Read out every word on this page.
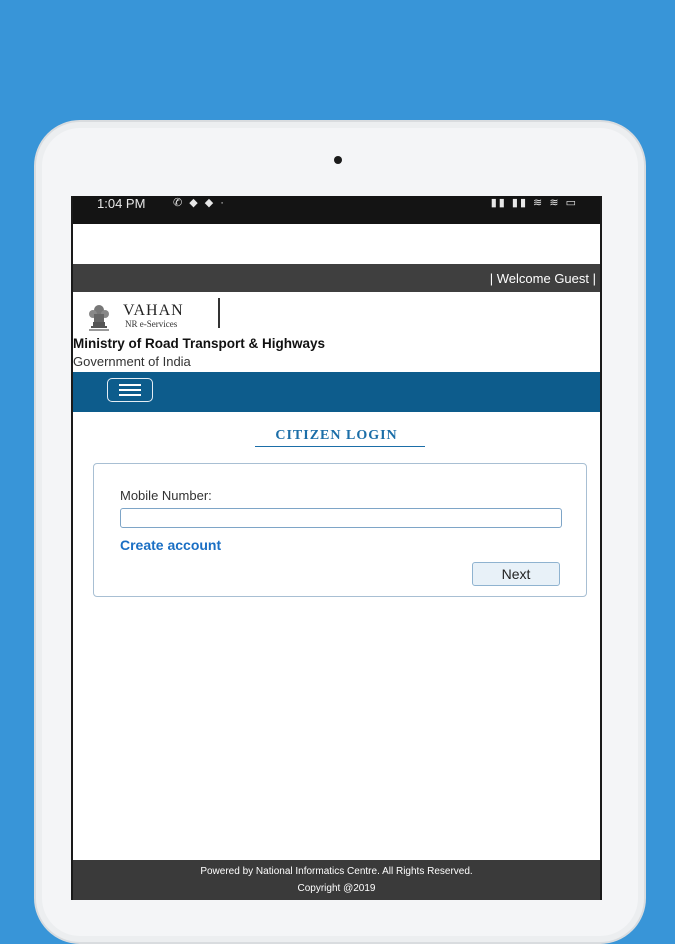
1:04 PM	✆ ◆ ◆ ·	▮▮ ▮▮ ≋ ≋ ▭
| Welcome Guest |
VAHAN
NR e-Services
Ministry of Road Transport & Highways
Government of India
CITIZEN LOGIN
Mobile Number:
Create account
Next
Powered by National Informatics Centre. All Rights Reserved.
Copyright @2019
